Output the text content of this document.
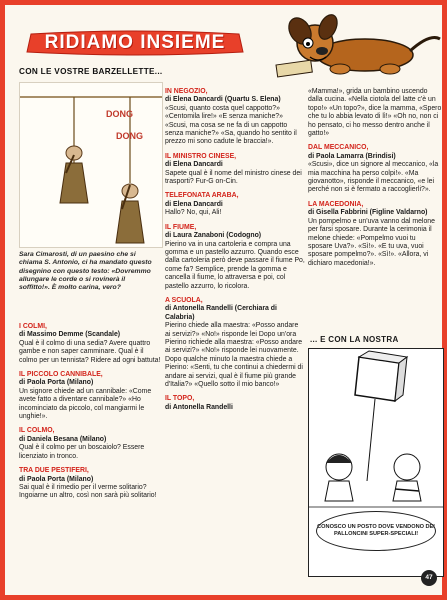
RIDIAMO INSIEME
CON LE VOSTRE BARZELLETTE...
DONG
DONG
Sara Cimarosti, di un paesino che si chiama S. Antonio, ci ha mandato questo disegnino con questo testo: «Dovremmo allungare le corde o si rovinerà il soffitto!». È molto carina, vero?
I COLMI,
di Massimo Demme (Scandale)
Qual è il colmo di una sedia? Avere quattro gambe e non saper camminare. Qual è il colmo per un tennista? Ridere ad ogni battuta!
IL PICCOLO CANNIBALE,
di Paola Porta (Milano)
Un signore chiede ad un cannibale: «Come avete fatto a diventare cannibale?» «Ho incominciato da piccolo, col mangiarmi le unghie!».
IL COLMO,
di Daniela Besana (Milano)
Qual è il colmo per un boscaiolo? Essere licenziato in tronco.
TRA DUE PESTIFERI,
di Paola Porta (Milano)
Sai qual è il rimedio per il verme solitario? Ingoiarne un altro, così non sarà più solitario!
IN NEGOZIO,
di Elena Dancardi (Quartu S. Elena)
«Scusi, quanto costa quel cappotto?» «Centomila lire!» «E senza maniche?» «Scusi, ma cosa se ne fa di un cappotto senza maniche?» «Sa, quando ho sentito il prezzo mi sono cadute le braccia!».
IL MINISTRO CINESE,
di Elena Dancardi
Sapete qual è il nome del ministro cinese dei trasporti? Fur-G on-Cin.
TELEFONATA ARABA,
di Elena Dancardi
Hallo? No, qui, Ali!
IL FIUME,
di Laura Zanaboni (Codogno)
Pierino va in una cartoleria e compra una gomma e un pastello azzurro. Quando esce dalla cartoleria però deve passare il fiume Po, come fa? Semplice, prende la gomma e cancella il fiume, lo attraversa e poi, col pastello azzurro, lo ricolora.
A SCUOLA,
di Antonella Randelli (Cerchiara di Calabria)
Pierino chiede alla maestra: «Posso andare ai servizi?» «No!» risponde lei Dopo un'ora Pierino richiede alla maestra: «Posso andare ai servizi?» «No!» risponde lei nuovamente. Dopo qualche minuto la maestra chiede a Pierino: «Senti, tu che continui a chiedermi di andare ai servizi, qual è il fiume più grande d'Italia?» «Quello sotto il mio banco!»
IL TOPO,
di Antonella Randelli
«Mamma!», grida un bambino uscendo dalla cucina. «Nella ciotola del latte c'è un topo!» «Un topo?», dice la mamma, «Spero che tu lo abbia levato di lì!» «Oh no, non ci ho pensato, ci ho messo dentro anche il gatto!»
DAL MECCANICO,
di Paola Lamarra (Brindisi)
«Scusi», dice un signore al meccanico, «la mia macchina ha perso colpi!». «Ma giovanotto», risponde il meccanico, «e lei perché non si è fermato a raccoglierli?».
LA MACEDONIA,
di Gisella Fabbrini (Figline Valdarno)
Un pompelmo e un'uva vanno dal melone per farsi sposare. Durante la cerimonia il melone chiede: «Pompelmo vuoi tu sposare Uva?». «Sì!». «E tu uva, vuoi sposare pompelmo?». «Sì!». «Allora, vi dichiaro macedonia!».
... E CON LA NOSTRA
CONOSCO UN POSTO DOVE VENDONO DEI PALLONCINI SUPER-SPECIALI!
47
